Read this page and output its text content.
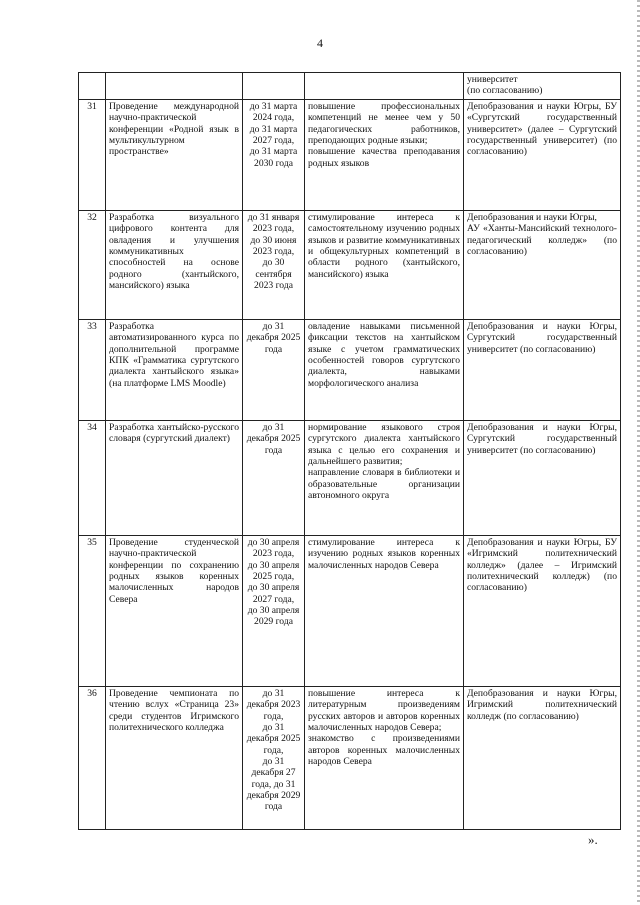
4
				университет
(по согласованию)
31	Проведение международной научно-практической конференции «Родной язык в мультикультурном пространстве»	до 31 марта 2024 года,
до 31 марта 2027 года,
до 31 марта 2030 года	повышение профессиональных компетенций не менее чем у 50 педагогических работников, преподающих родные языки;
повышение качества преподавания родных языков	Депобразования и науки Югры, БУ «Сургутский государственный университет» (далее – Сургутский государственный университет) (по согласованию)
32	Разработка визуального цифрового контента для овладения и улучшения коммуникативных способностей на основе родного (хантыйского, мансийского) языка	до 31 января 2023 года,
до 30 июня 2023 года,
до 30 сентября 2023 года	стимулирование интереса к самостоятельному изучению родных языков и развитие коммуникативных и общекультурных компетенций в области родного (хантыйского, мансийского) языка	Депобразования и науки Югры,
АУ «Ханты-Мансийский технолого-педагогический колледж» (по согласованию)
33	Разработка автоматизированного курса по дополнительной программе КПК «Грамматика сургутского диалекта хантыйского языка» (на платформе LMS Moodle)	до 31 декабря 2025 года	овладение навыками письменной фиксации текстов на хантыйском языке с учетом грамматических особенностей говоров сургутского диалекта, навыками морфологического анализа	Депобразования и науки Югры, Сургутский государственный университет (по согласованию)
34	Разработка хантыйско-русского словаря (сургутский диалект)	до 31 декабря 2025 года	нормирование языкового строя сургутского диалекта хантыйского языка с целью его сохранения и дальнейшего развития;
направление словаря в библиотеки и образовательные организации автономного округа	Депобразования и науки Югры, Сургутский государственный университет (по согласованию)
35	Проведение студенческой научно-практической конференции по сохранению родных языков коренных малочисленных народов Севера	до 30 апреля 2023 года,
до 30 апреля 2025 года,
до 30 апреля 2027 года,
до 30 апреля 2029 года	стимулирование интереса к изучению родных языков коренных малочисленных народов Севера	Депобразования и науки Югры, БУ «Игримский политехнический колледж» (далее – Игримский политехнический колледж) (по согласованию)
36	Проведение чемпионата по чтению вслух «Страница 23» среди студентов Игримского политехнического колледжа	до 31 декабря 2023 года,
до 31 декабря 2025 года,
до 31 декабря 27 года, до 31 декабря 2029 года	повышение интереса к литературным произведениям русских авторов и авторов коренных малочисленных народов Севера;
знакомство с произведениями авторов коренных малочисленных народов Севера	Депобразования и науки Югры, Игримский политехнический колледж (по согласованию)
».
